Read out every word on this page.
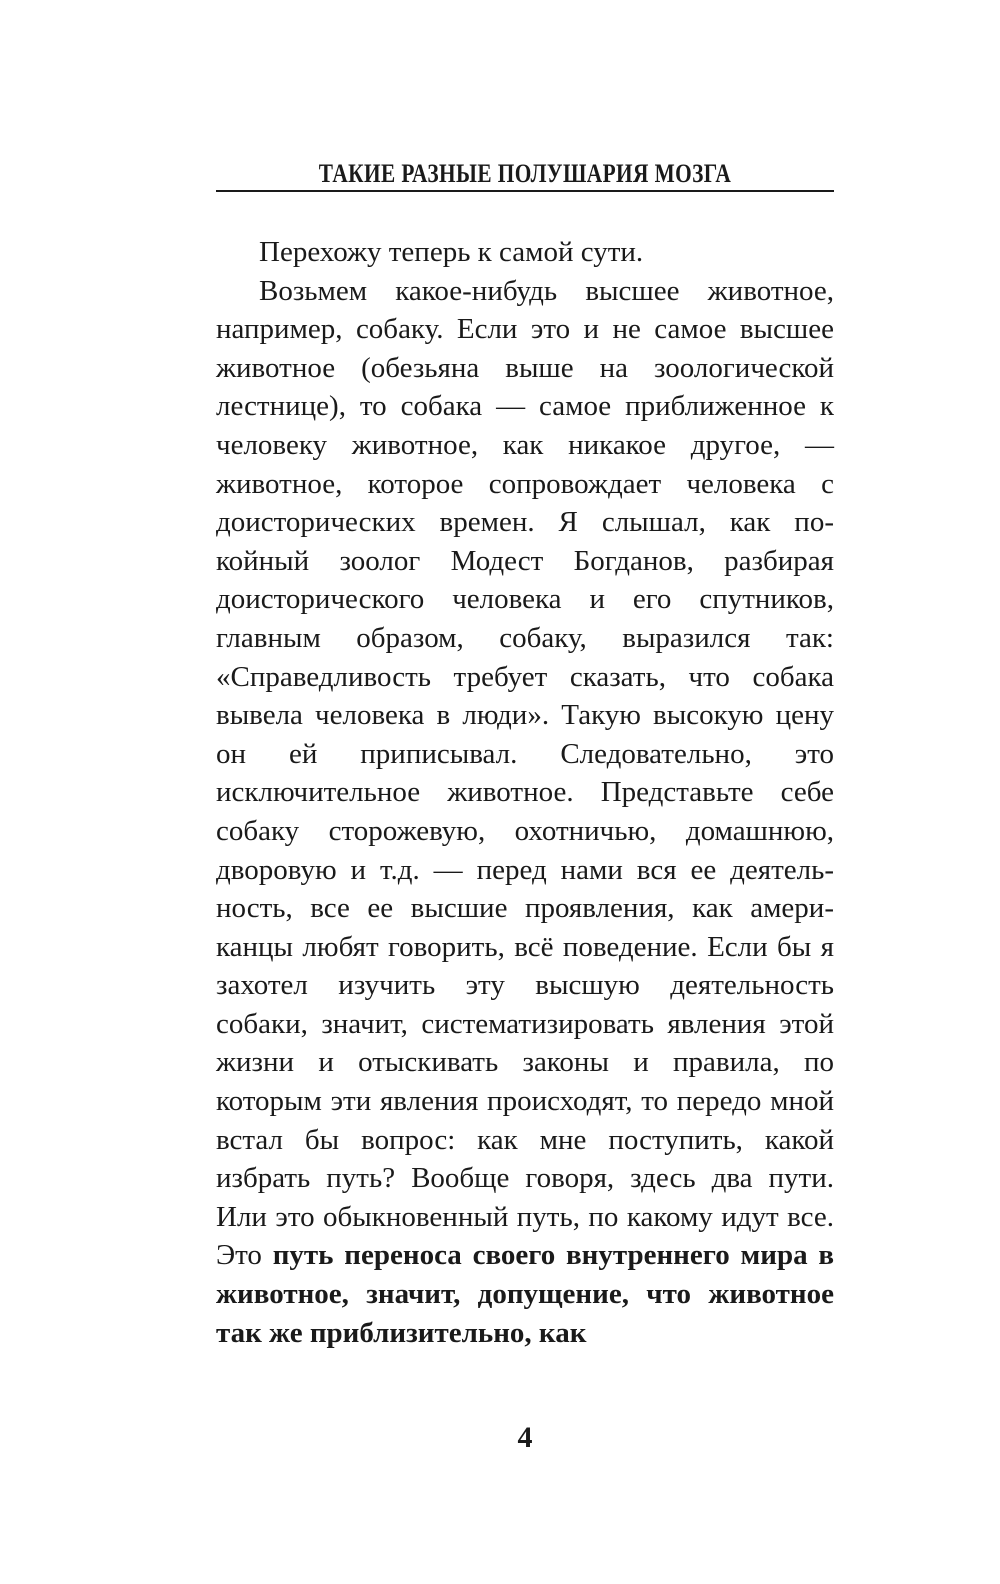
ТАКИЕ РАЗНЫЕ ПОЛУШАРИЯ МОЗГА

Перехожу теперь к самой сути.

Возьмем какое-нибудь высшее животное, например, собаку. Если это и не самое высшее животное (обезьяна выше на зоологической лестнице), то собака — самое приближенное к человеку животное, как никакое другое, — животное, которое сопровождает человека с доисторических времен. Я слышал, как покойный зоолог Модест Богданов, разбирая доисторического человека и его спутников, главным образом, собаку, выразился так: «Справедливость требует сказать, что собака вывела человека в люди». Такую высокую цену он ей приписывал. Следовательно, это исключительное животное. Представьте себе собаку сторожевую, охотничью, домашнюю, дворовую и т.д. — перед нами вся ее деятельность, все ее высшие проявления, как американцы любят говорить, всё поведение. Если бы я захотел изучить эту высшую деятельность собаки, значит, систематизировать явления этой жизни и отыскивать законы и правила, по которым эти явления происходят, то передо мной встал бы вопрос: как мне поступить, какой избрать путь? Вообще говоря, здесь два пути. Или это обыкновенный путь, по какому идут все. Это путь переноса своего внутреннего мира в животное, значит, допущение, что животное так же приблизительно, как

4
